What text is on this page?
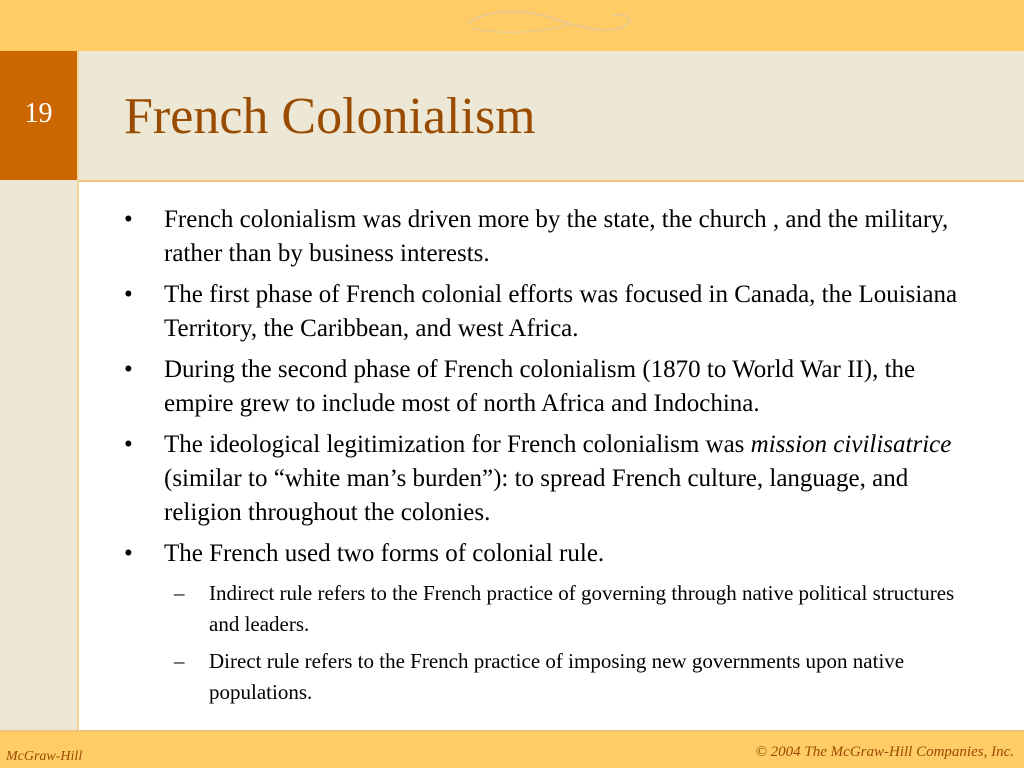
19	French Colonialism
• French colonialism was driven more by the state, the church , and the military, rather than by business interests.
• The first phase of French colonial efforts was focused in Canada, the Louisiana Territory, the Caribbean, and west Africa.
• During the second phase of French colonialism (1870 to World War II), the empire grew to include most of north Africa and Indochina.
• The ideological legitimization for French colonialism was mission civilisatrice (similar to “white man’s burden”): to spread French culture, language, and religion throughout the colonies.
• The French used two forms of colonial rule.
– Indirect rule refers to the French practice of governing through native political structures and leaders.
– Direct rule refers to the French practice of imposing new governments upon native populations.
McGraw-Hill	© 2004 The McGraw-Hill Companies, Inc.
